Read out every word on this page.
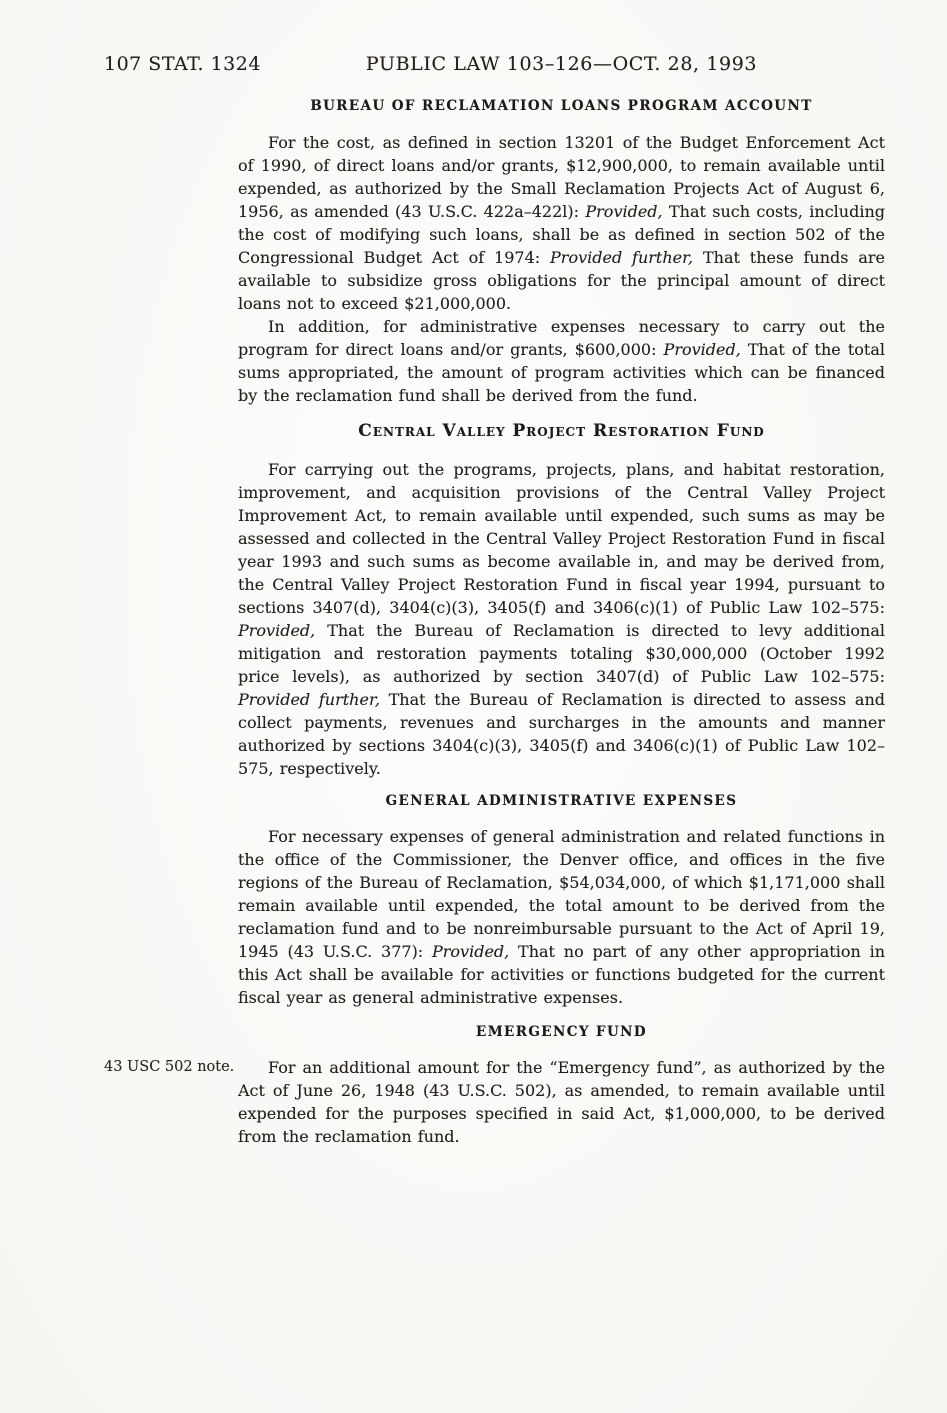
107 STAT. 1324	PUBLIC LAW 103–126—OCT. 28, 1993
BUREAU OF RECLAMATION LOANS PROGRAM ACCOUNT

For the cost, as defined in section 13201 of the Budget Enforcement Act of 1990, of direct loans and/or grants, $12,900,000, to remain available until expended, as authorized by the Small Reclamation Projects Act of August 6, 1956, as amended (43 U.S.C. 422a–422l): Provided, That such costs, including the cost of modifying such loans, shall be as defined in section 502 of the Congressional Budget Act of 1974: Provided further, That these funds are available to subsidize gross obligations for the principal amount of direct loans not to exceed $21,000,000.

In addition, for administrative expenses necessary to carry out the program for direct loans and/or grants, $600,000: Provided, That of the total sums appropriated, the amount of program activities which can be financed by the reclamation fund shall be derived from the fund.

Central Valley Project Restoration Fund

For carrying out the programs, projects, plans, and habitat restoration, improvement, and acquisition provisions of the Central Valley Project Improvement Act, to remain available until expended, such sums as may be assessed and collected in the Central Valley Project Restoration Fund in fiscal year 1993 and such sums as become available in, and may be derived from, the Central Valley Project Restoration Fund in fiscal year 1994, pursuant to sections 3407(d), 3404(c)(3), 3405(f) and 3406(c)(1) of Public Law 102–575: Provided, That the Bureau of Reclamation is directed to levy additional mitigation and restoration payments totaling $30,000,000 (October 1992 price levels), as authorized by section 3407(d) of Public Law 102–575: Provided further, That the Bureau of Reclamation is directed to assess and collect payments, revenues and surcharges in the amounts and manner authorized by sections 3404(c)(3), 3405(f) and 3406(c)(1) of Public Law 102–575, respectively.

GENERAL ADMINISTRATIVE EXPENSES

For necessary expenses of general administration and related functions in the office of the Commissioner, the Denver office, and offices in the five regions of the Bureau of Reclamation, $54,034,000, of which $1,171,000 shall remain available until expended, the total amount to be derived from the reclamation fund and to be nonreimbursable pursuant to the Act of April 19, 1945 (43 U.S.C. 377): Provided, That no part of any other appropriation in this Act shall be available for activities or functions budgeted for the current fiscal year as general administrative expenses.

EMERGENCY FUND
43 USC 502 note.	For an additional amount for the “Emergency fund”, as authorized by the Act of June 26, 1948 (43 U.S.C. 502), as amended, to remain available until expended for the purposes specified in said Act, $1,000,000, to be derived from the reclamation fund.
